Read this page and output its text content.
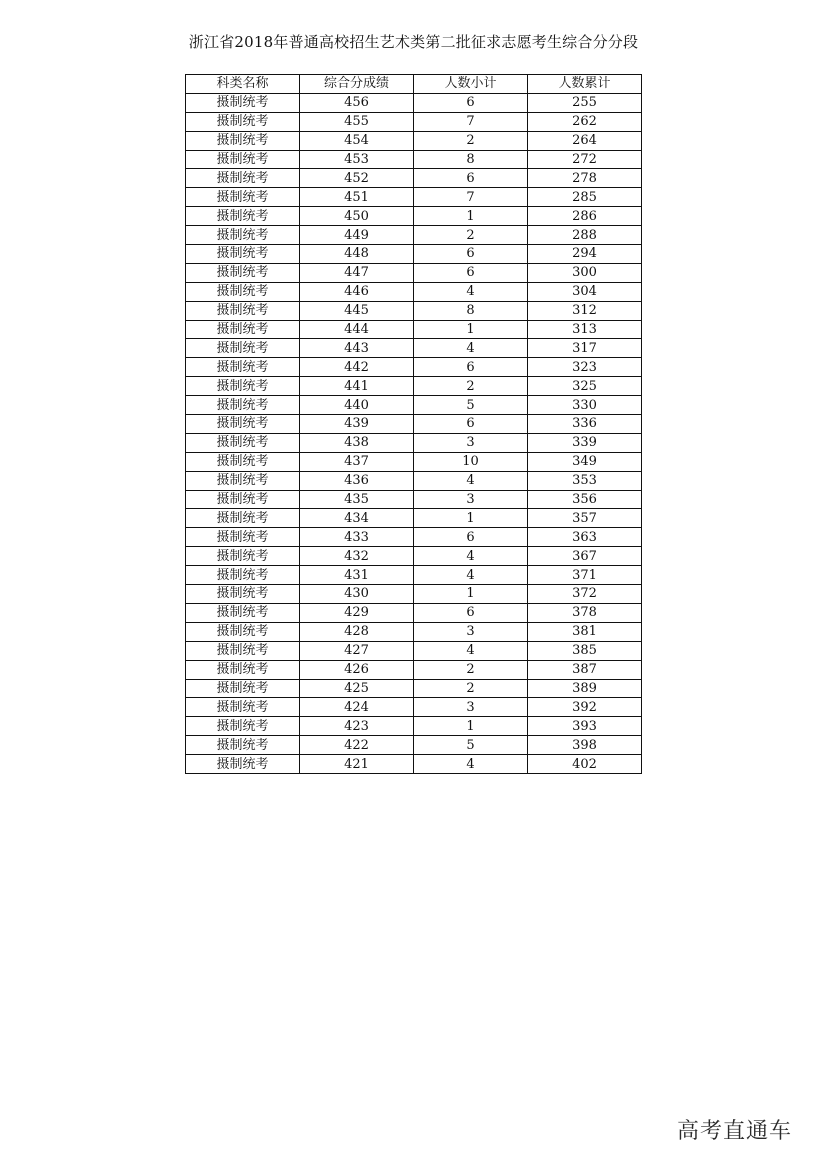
浙江省2018年普通高校招生艺术类第二批征求志愿考生综合分分段
科类名称	综合分成绩	人数小计	人数累计
摄制统考	456	6	255
摄制统考	455	7	262
摄制统考	454	2	264
摄制统考	453	8	272
摄制统考	452	6	278
摄制统考	451	7	285
摄制统考	450	1	286
摄制统考	449	2	288
摄制统考	448	6	294
摄制统考	447	6	300
摄制统考	446	4	304
摄制统考	445	8	312
摄制统考	444	1	313
摄制统考	443	4	317
摄制统考	442	6	323
摄制统考	441	2	325
摄制统考	440	5	330
摄制统考	439	6	336
摄制统考	438	3	339
摄制统考	437	10	349
摄制统考	436	4	353
摄制统考	435	3	356
摄制统考	434	1	357
摄制统考	433	6	363
摄制统考	432	4	367
摄制统考	431	4	371
摄制统考	430	1	372
摄制统考	429	6	378
摄制统考	428	3	381
摄制统考	427	4	385
摄制统考	426	2	387
摄制统考	425	2	389
摄制统考	424	3	392
摄制统考	423	1	393
摄制统考	422	5	398
摄制统考	421	4	402
高考直通车
